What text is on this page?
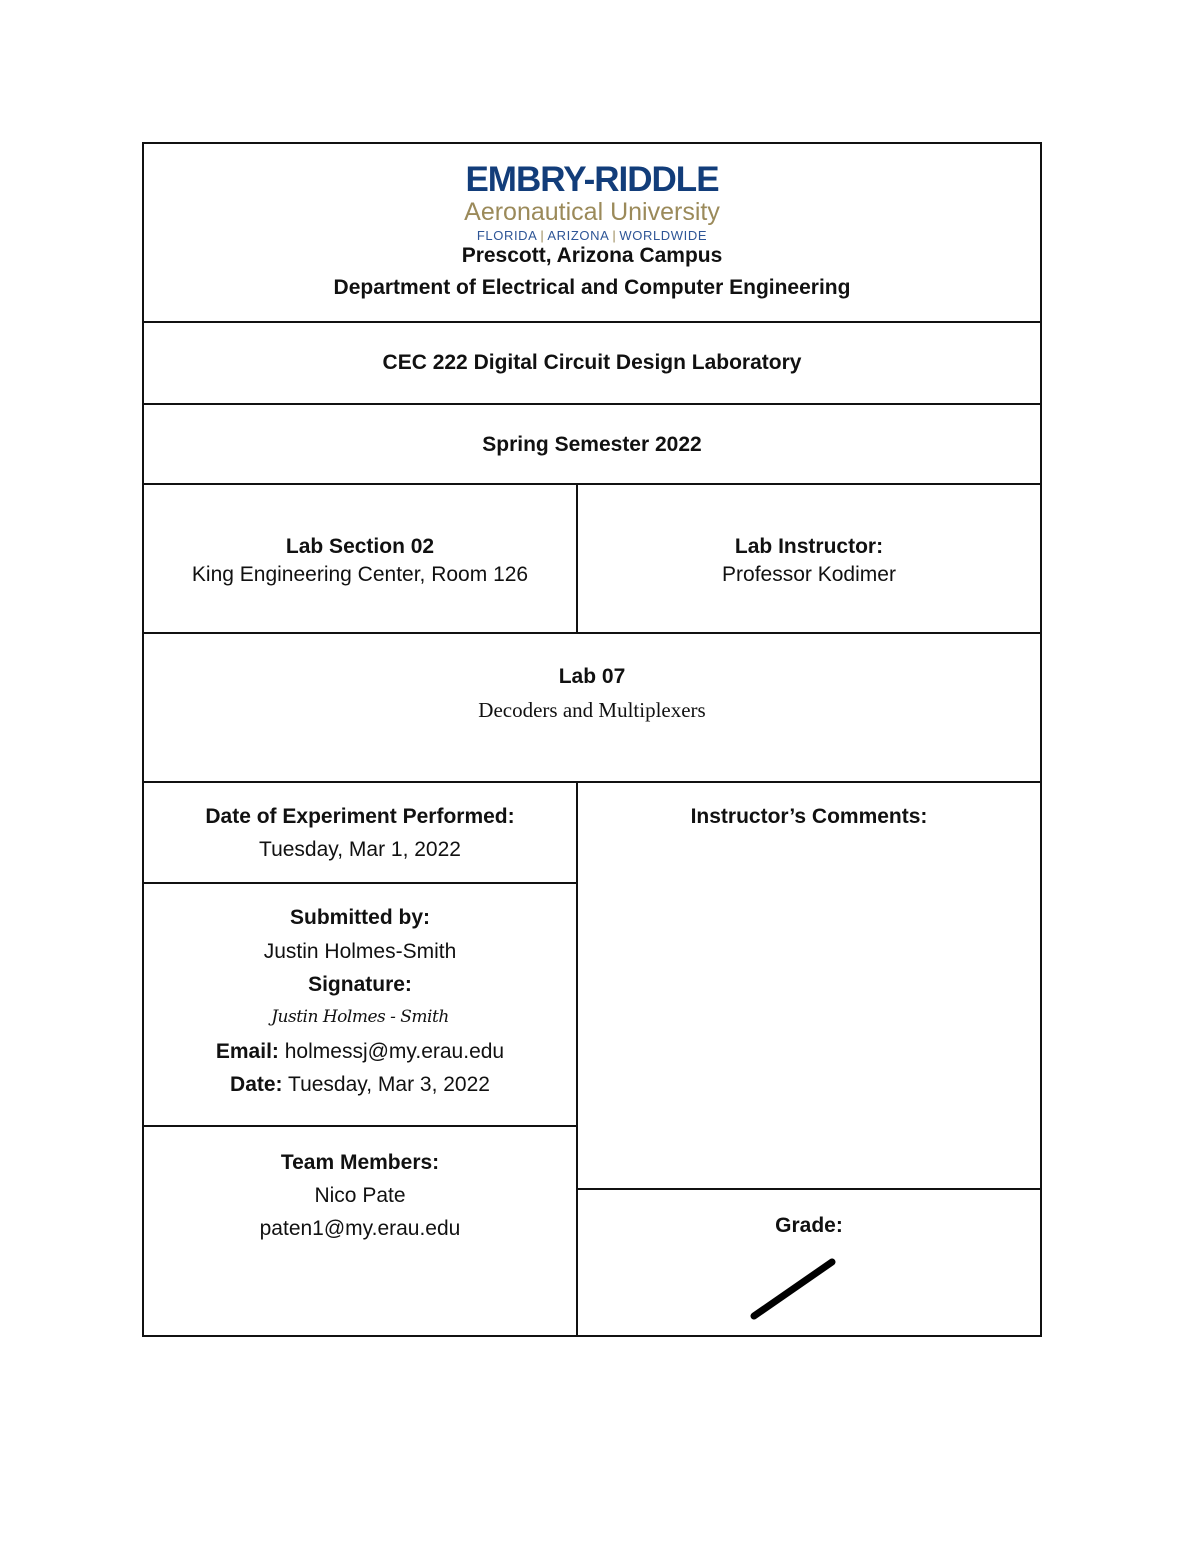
EMBRY-RIDDLE
Aeronautical University
FLORIDA | ARIZONA | WORLDWIDE
Prescott, Arizona Campus
Department of Electrical and Computer Engineering
CEC 222 Digital Circuit Design Laboratory
Spring Semester 2022
Lab Section 02
King Engineering Center, Room 126
Lab Instructor:
Professor Kodimer
Lab 07
Decoders and Multiplexers
Date of Experiment Performed:
Tuesday, Mar 1, 2022
Instructor’s Comments:
Submitted by:
Justin Holmes-Smith
Signature:
Justin Holmes - Smith
Email: holmessj@my.erau.edu
Date: Tuesday, Mar 3, 2022
Team Members:
Nico Pate
paten1@my.erau.edu	Grade:
